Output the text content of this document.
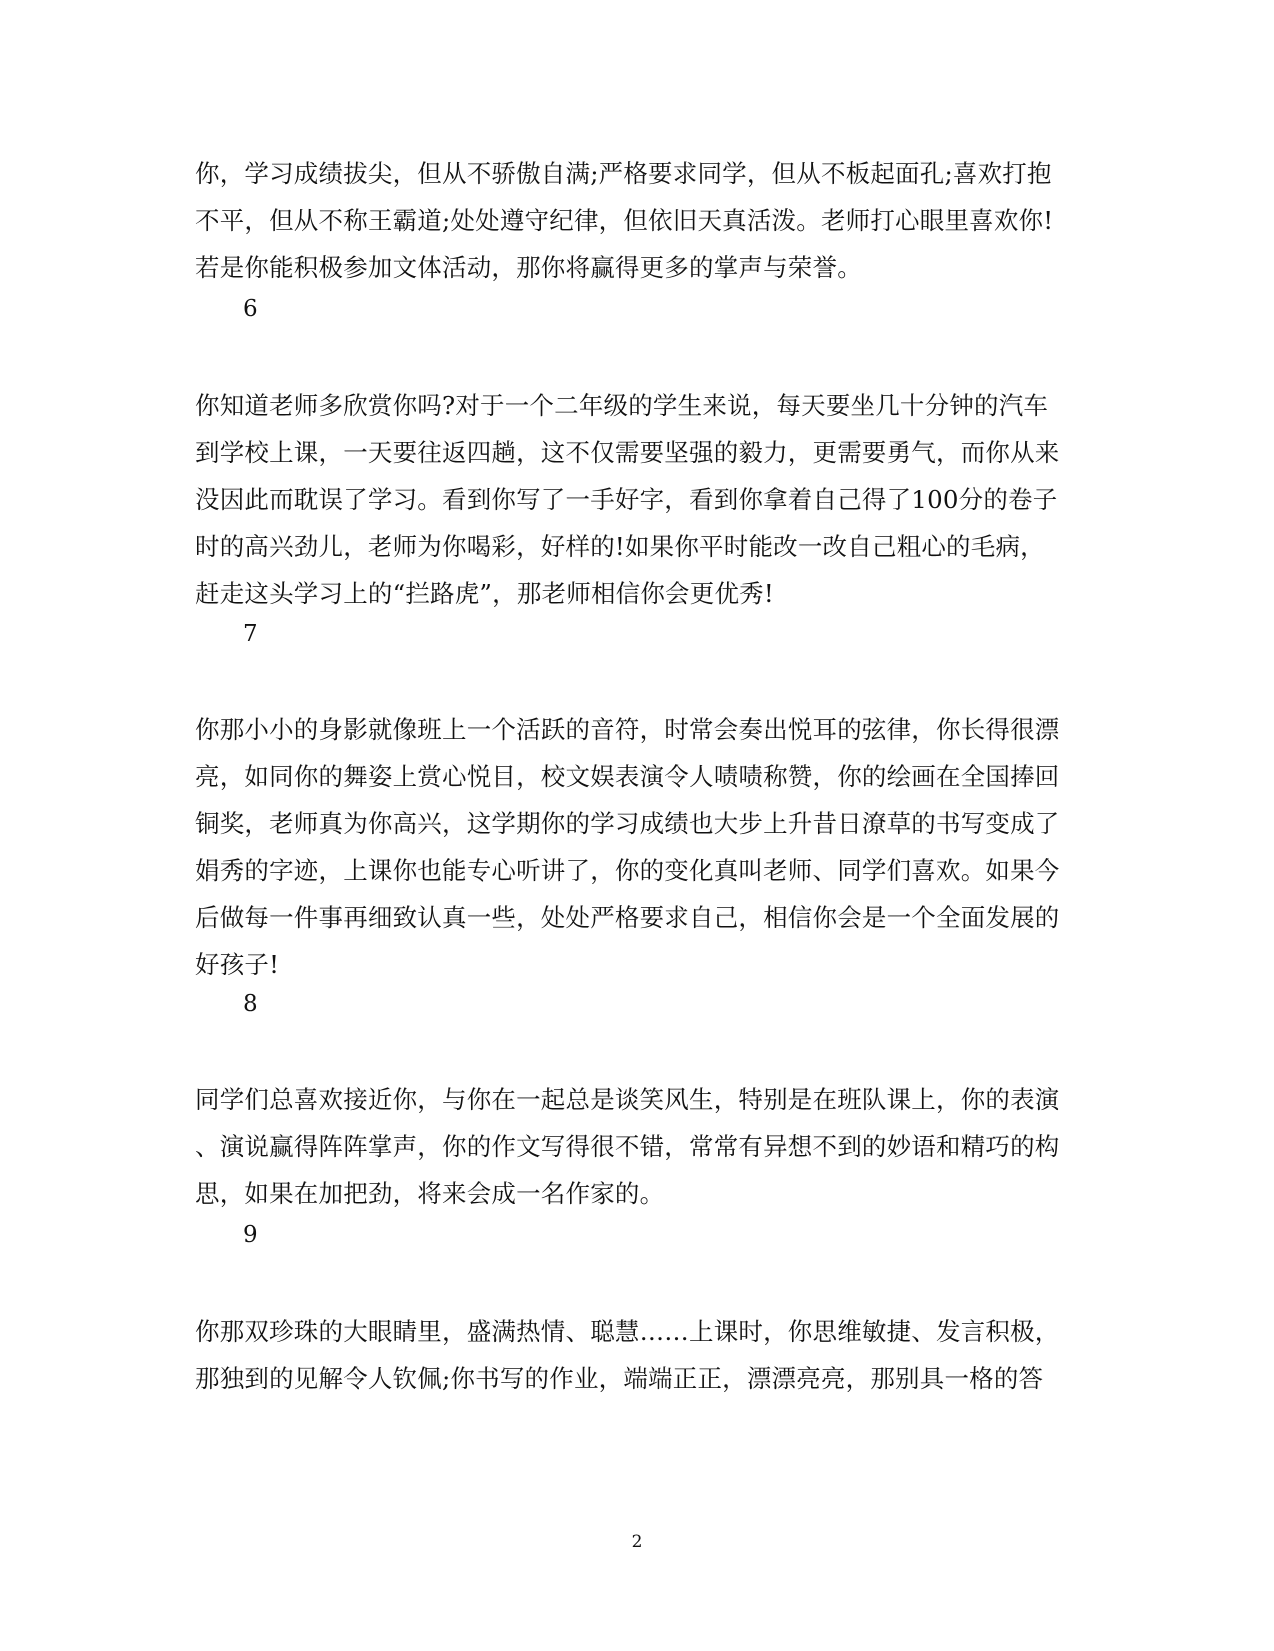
你，学习成绩拔尖，但从不骄傲自满;严格要求同学，但从不板起面孔;喜欢打抱
不平，但从不称王霸道;处处遵守纪律，但依旧天真活泼。老师打心眼里喜欢你!
若是你能积极参加文体活动，那你将赢得更多的掌声与荣誉。
6
你知道老师多欣赏你吗?对于一个二年级的学生来说，每天要坐几十分钟的汽车
到学校上课，一天要往返四趟，这不仅需要坚强的毅力，更需要勇气，而你从来
没因此而耽误了学习。看到你写了一手好字，看到你拿着自己得了100分的卷子
时的高兴劲儿，老师为你喝彩，好样的!如果你平时能改一改自己粗心的毛病，
赶走这头学习上的“拦路虎”，那老师相信你会更优秀!
7
你那小小的身影就像班上一个活跃的音符，时常会奏出悦耳的弦律，你长得很漂
亮，如同你的舞姿上赏心悦目，校文娱表演令人啧啧称赞，你的绘画在全国捧回
铜奖，老师真为你高兴，这学期你的学习成绩也大步上升昔日潦草的书写变成了
娟秀的字迹，上课你也能专心听讲了，你的变化真叫老师、同学们喜欢。如果今
后做每一件事再细致认真一些，处处严格要求自己，相信你会是一个全面发展的
好孩子!
8
同学们总喜欢接近你，与你在一起总是谈笑风生，特别是在班队课上，你的表演
、演说赢得阵阵掌声，你的作文写得很不错，常常有异想不到的妙语和精巧的构
思，如果在加把劲，将来会成一名作家的。
9
你那双珍珠的大眼睛里，盛满热情、聪慧……上课时，你思维敏捷、发言积极，
那独到的见解令人钦佩;你书写的作业，端端正正，漂漂亮亮，那别具一格的答
2
